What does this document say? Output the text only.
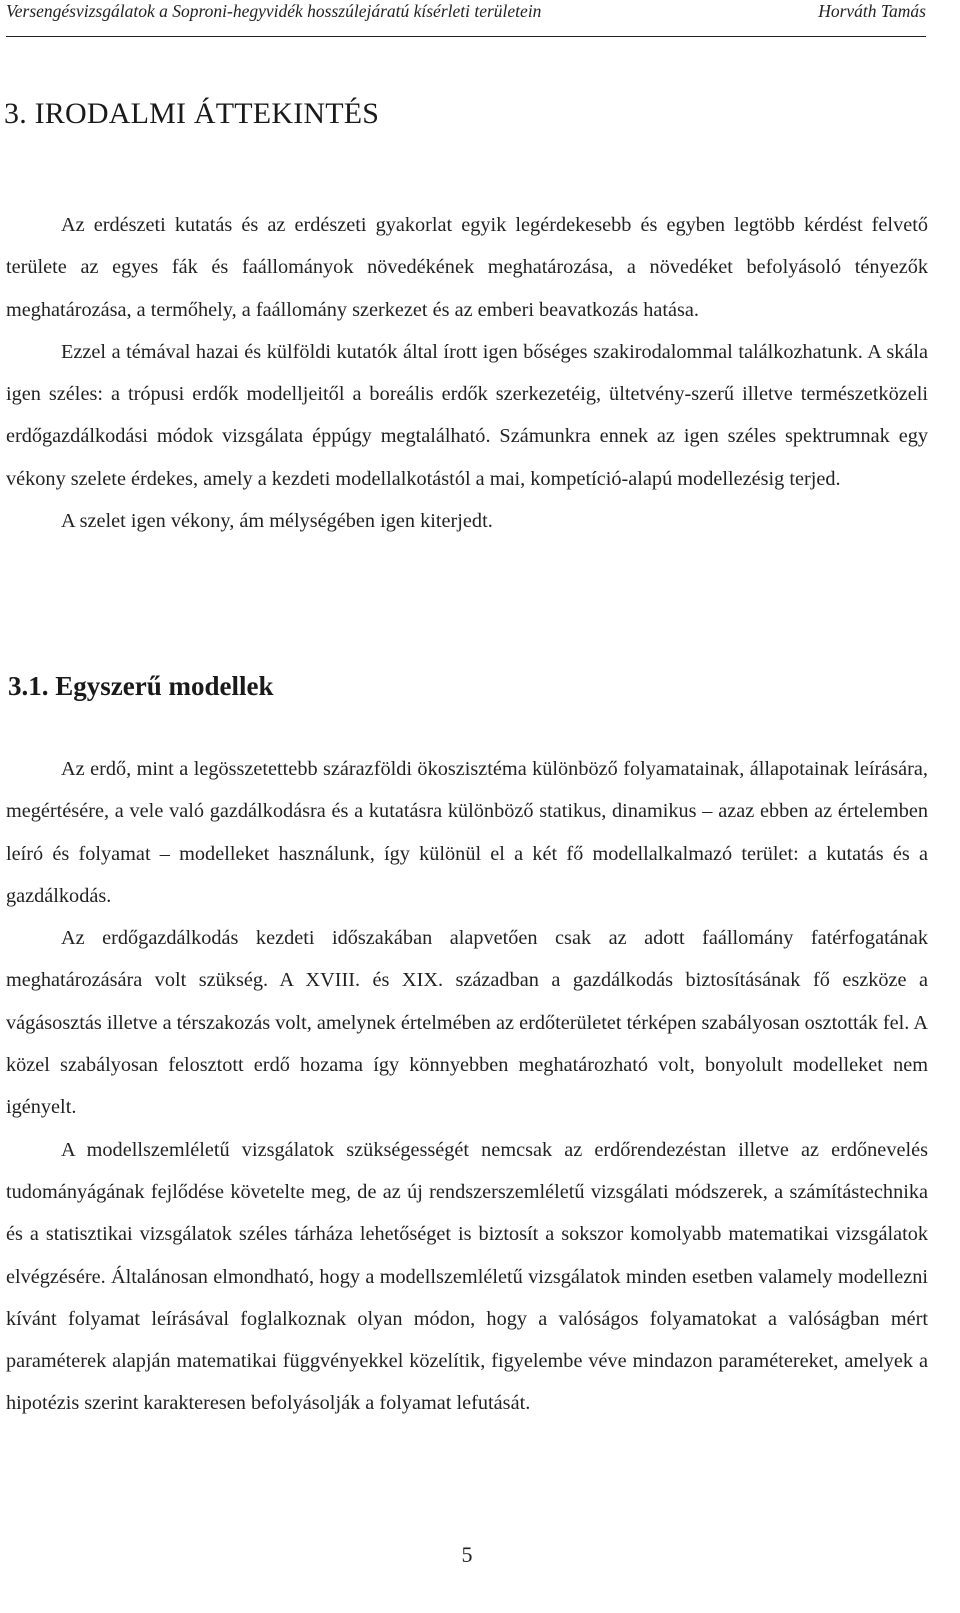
Versengésvizsgálatok a Soproni-hegyvidék hosszúlejáratú kísérleti területein	Horváth Tamás
3. IRODALMI ÁTTEKINTÉS

Az erdészeti kutatás és az erdészeti gyakorlat egyik legérdekesebb és egyben legtöbb kérdést felvető területe az egyes fák és faállományok növedékének meghatározása, a növedéket befolyásoló tényezők meghatározása, a termőhely, a faállomány szerkezet és az emberi beavatkozás hatása.

Ezzel a témával hazai és külföldi kutatók által írott igen bőséges szakirodalommal találkozhatunk. A skála igen széles: a trópusi erdők modelljeitől a boreális erdők szerkezetéig, ültetvény-szerű illetve természetközeli erdőgazdálkodási módok vizsgálata éppúgy megtalálható. Számunkra ennek az igen széles spektrumnak egy vékony szelete érdekes, amely a kezdeti modellalkotástól a mai, kompetíció-alapú modellezésig terjed.

A szelet igen vékony, ám mélységében igen kiterjedt.

3.1. Egyszerű modellek

Az erdő, mint a legösszetettebb szárazföldi ökoszisztéma különböző folyamatainak, állapotainak leírására, megértésére, a vele való gazdálkodásra és a kutatásra különböző statikus, dinamikus – azaz ebben az értelemben leíró és folyamat – modelleket használunk, így különül el a két fő modellalkalmazó terület: a kutatás és a gazdálkodás.

Az erdőgazdálkodás kezdeti időszakában alapvetően csak az adott faállomány fatérfogatának meghatározására volt szükség. A XVIII. és XIX. században a gazdálkodás biztosításának fő eszköze a vágásosztás illetve a térszakozás volt, amelynek értelmében az erdőterületet térképen szabályosan osztották fel. A közel szabályosan felosztott erdő hozama így könnyebben meghatározható volt, bonyolult modelleket nem igényelt.

A modellszemléletű vizsgálatok szükségességét nemcsak az erdőrendezéstan illetve az erdőnevelés tudományágának fejlődése követelte meg, de az új rendszerszemléletű vizsgálati módszerek, a számítástechnika és a statisztikai vizsgálatok széles tárháza lehetőséget is biztosít a sokszor komolyabb matematikai vizsgálatok elvégzésére. Általánosan elmondható, hogy a modellszemléletű vizsgálatok minden esetben valamely modellezni kívánt folyamat leírásával foglalkoznak olyan módon, hogy a valóságos folyamatokat a valóságban mért paraméterek alapján matematikai függvényekkel közelítik, figyelembe véve mindazon paramétereket, amelyek a hipotézis szerint karakteresen befolyásolják a folyamat lefutását.

5
